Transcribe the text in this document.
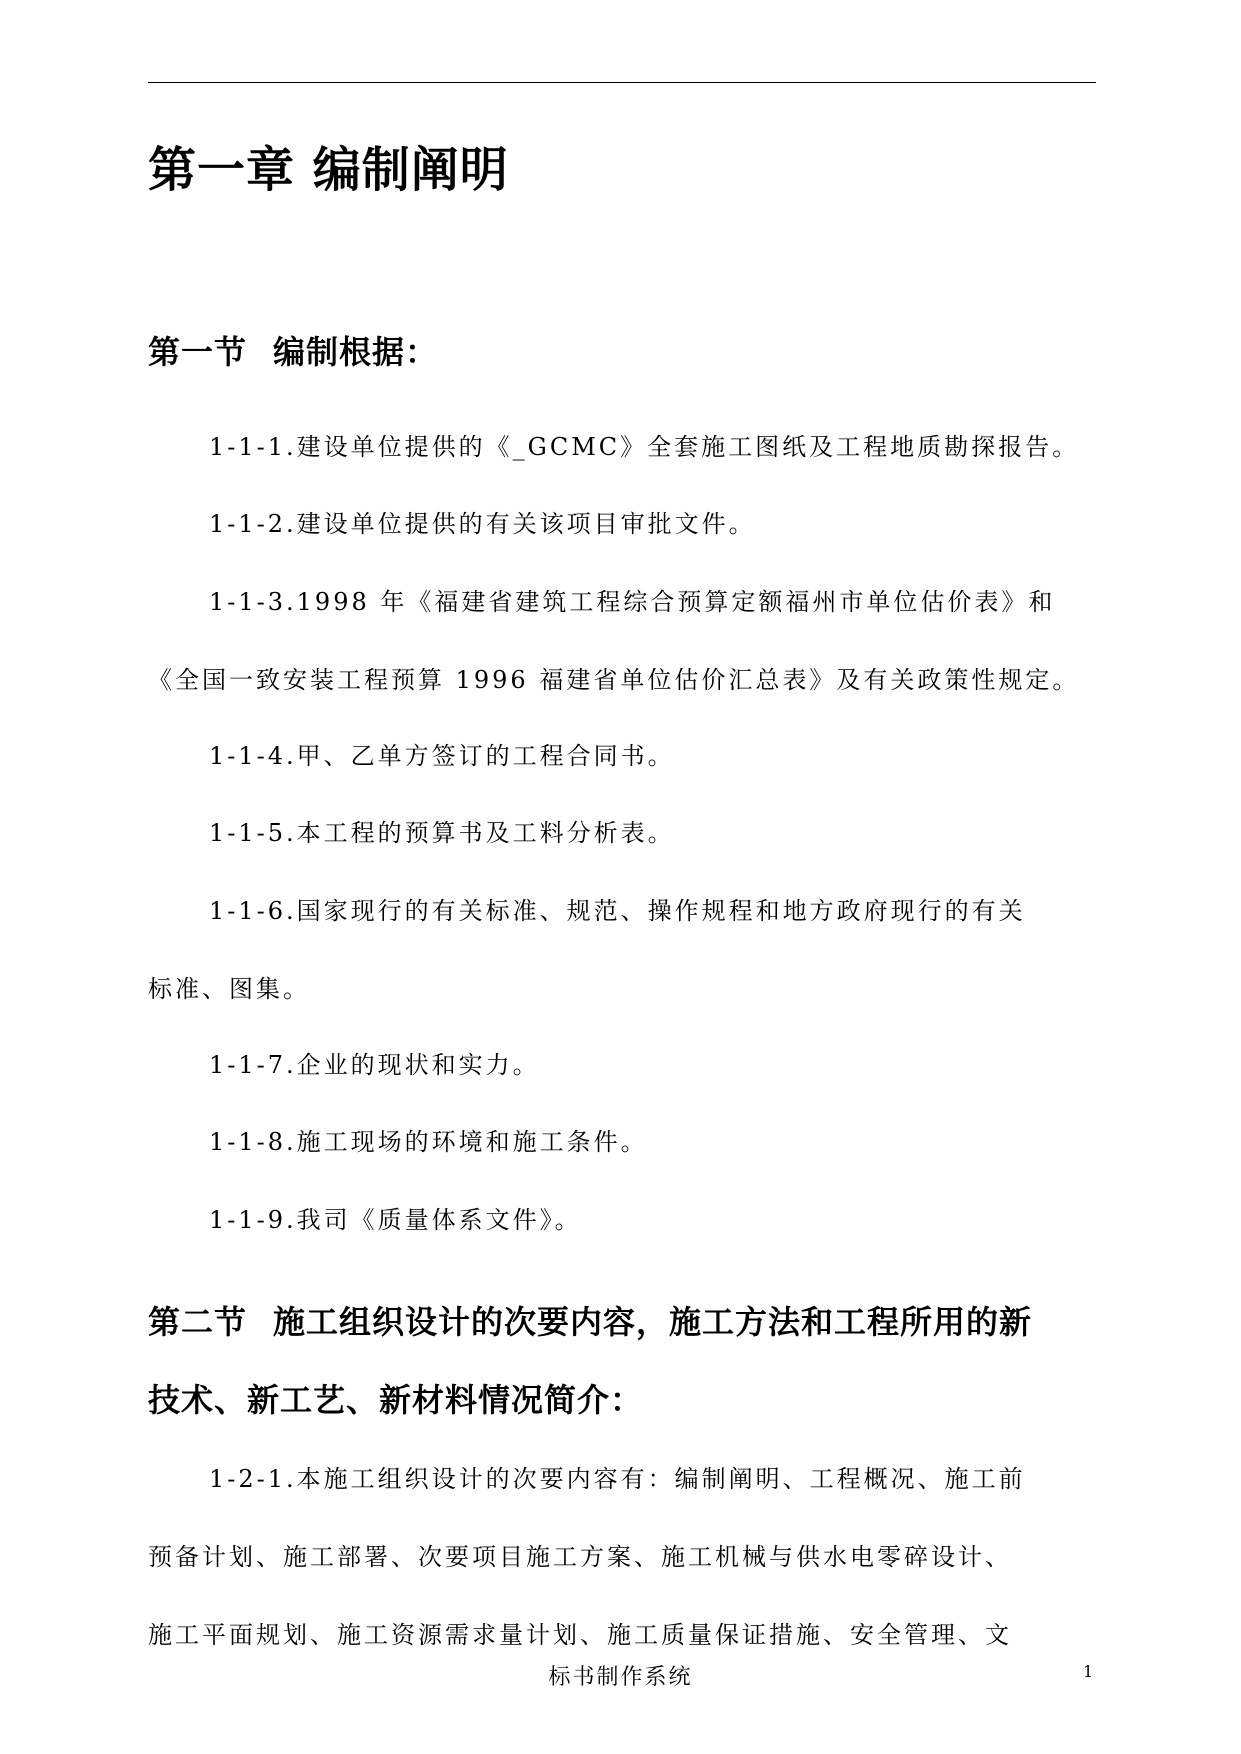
第一章 编制阐明
第一节 编制根据：

1-1-1.建设单位提供的《_GCMC》全套施工图纸及工程地质勘探报告。

1-1-2.建设单位提供的有关该项目审批文件。

1-1-3.1998 年《福建省建筑工程综合预算定额福州市单位估价表》和
《全国一致安装工程预算 1996 福建省单位估价汇总表》及有关政策性规定。

1-1-4.甲、乙单方签订的工程合同书。

1-1-5.本工程的预算书及工料分析表。

1-1-6.国家现行的有关标准、规范、操作规程和地方政府现行的有关
标准、图集。

1-1-7.企业的现状和实力。

1-1-8.施工现场的环境和施工条件。

1-1-9.我司《质量体系文件》。

第二节 施工组织设计的次要内容，施工方法和工程所用的新
技术、新工艺、新材料情况简介：

1-2-1.本施工组织设计的次要内容有：编制阐明、工程概况、施工前
预备计划、施工部署、次要项目施工方案、施工机械与供水电零碎设计、
施工平面规划、施工资源需求量计划、施工质量保证措施、安全管理、文

标书制作系统	1
